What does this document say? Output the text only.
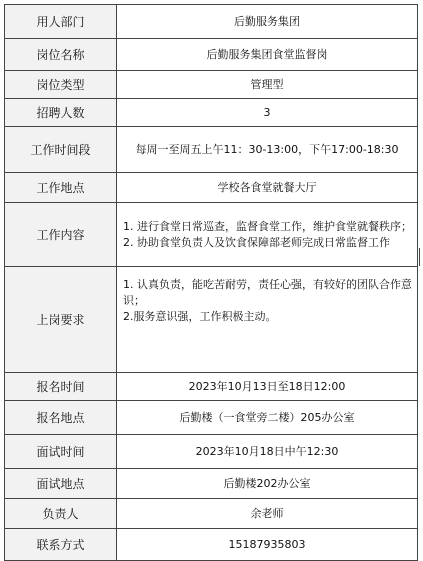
用人部门	后勤服务集团
岗位名称	后勤服务集团食堂监督岗
岗位类型	管理型
招聘人数	3
工作时间段	每周一至周五上午11：30-13:00，下午17:00-18:30
工作地点	学校各食堂就餐大厅
工作内容	1. 进行食堂日常巡查，监督食堂工作，维护食堂就餐秩序；
2. 协助食堂负责人及饮食保障部老师完成日常监督工作

上岗要求	1. 认真负责，能吃苦耐劳，责任心强，有较好的团队合作意识；
2.服务意识强，工作积极主动。

报名时间	2023年10月13日至18日12:00
报名地点	后勤楼（一食堂旁二楼）205办公室
面试时间	2023年10月18日中午12:30
面试地点	后勤楼202办公室
负责人	余老师
联系方式	15187935803
